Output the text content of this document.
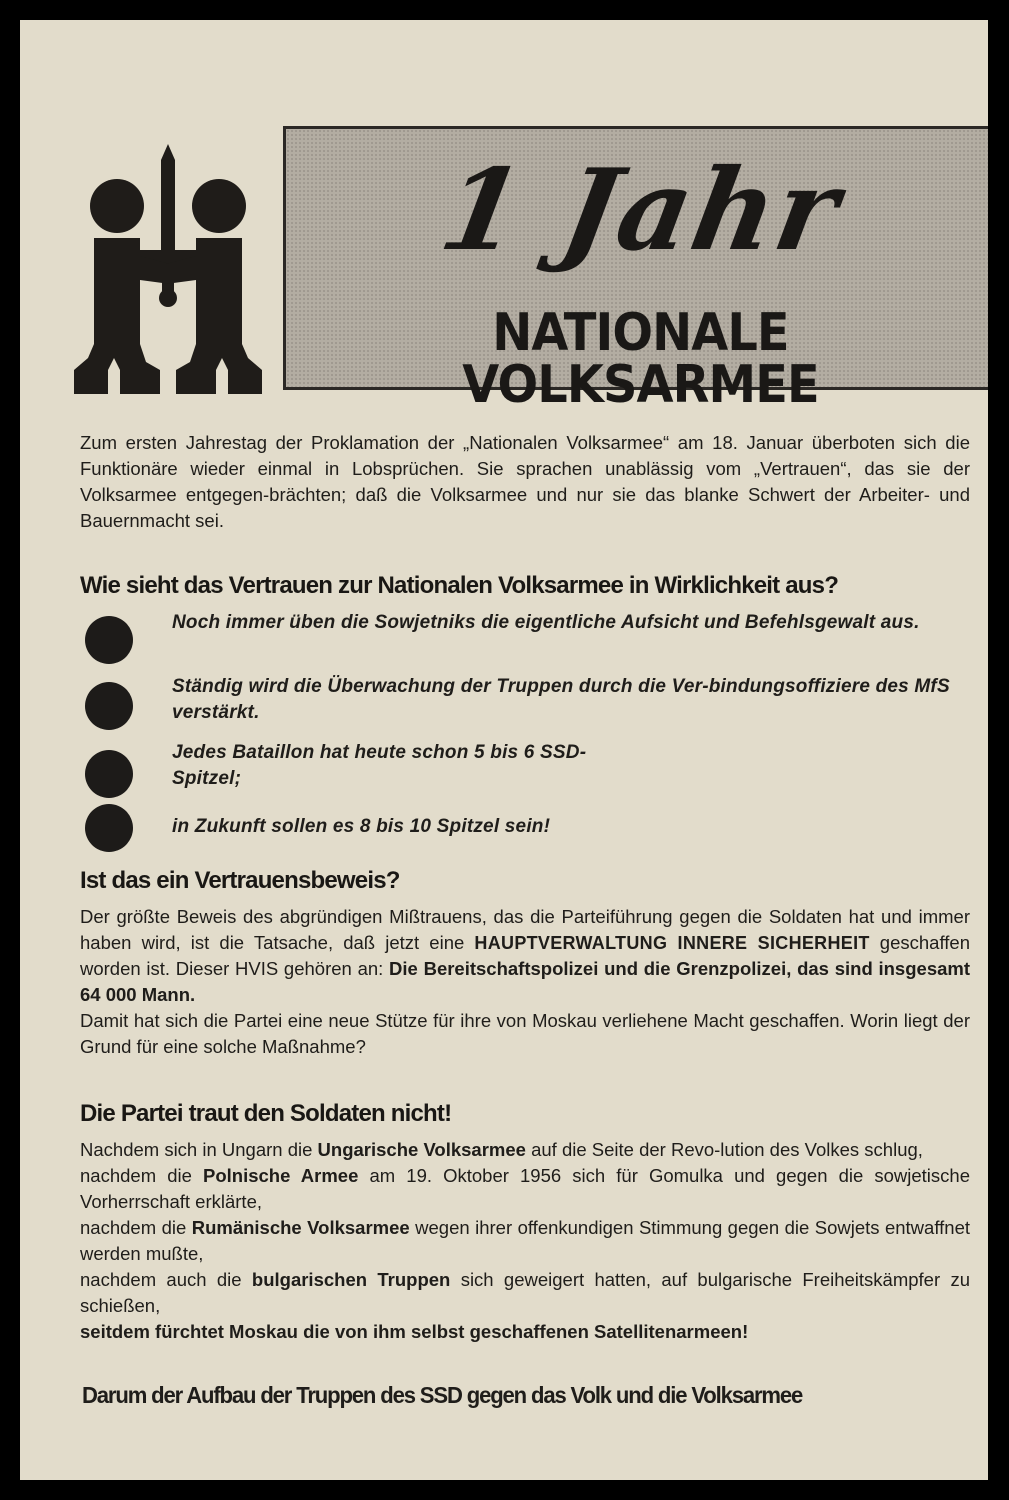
1 Jahr
NATIONALE VOLKSARMEE

Zum ersten Jahrestag der Proklamation der „Nationalen Volksarmee“ am 18. Januar überboten sich die Funktionäre wieder einmal in Lobsprüchen. Sie sprachen unablässig vom „Vertrauen“, das sie der Volksarmee entgegen-brächten; daß die Volksarmee und nur sie das blanke Schwert der Arbeiter- und Bauernmacht sei.

Wie sieht das Vertrauen zur Nationalen Volksarmee in Wirklichkeit aus?
Noch immer üben die Sowjetniks die eigentliche Aufsicht und Befehlsgewalt aus.
Ständig wird die Überwachung der Truppen durch die Ver-bindungsoffiziere des MfS verstärkt.
Jedes Bataillon hat heute schon 5 bis 6 SSD-Spitzel;
in Zukunft sollen es 8 bis 10 Spitzel sein!
Ist das ein Vertrauensbeweis?

Der größte Beweis des abgründigen Mißtrauens, das die Parteiführung gegen die Soldaten hat und immer haben wird, ist die Tatsache, daß jetzt eine HAUPTVERWALTUNG INNERE SICHERHEIT geschaffen worden ist. Dieser HVIS gehören an: Die Bereitschaftspolizei und die Grenzpolizei, das sind insgesamt 64 000 Mann.

Damit hat sich die Partei eine neue Stütze für ihre von Moskau verliehene Macht geschaffen. Worin liegt der Grund für eine solche Maßnahme?

Die Partei traut den Soldaten nicht!

Nachdem sich in Ungarn die Ungarische Volksarmee auf die Seite der Revo-lution des Volkes schlug,

nachdem die Polnische Armee am 19. Oktober 1956 sich für Gomulka und gegen die sowjetische Vorherrschaft erklärte,

nachdem die Rumänische Volksarmee wegen ihrer offenkundigen Stimmung gegen die Sowjets entwaffnet werden mußte,

nachdem auch die bulgarischen Truppen sich geweigert hatten, auf bulgarische Freiheitskämpfer zu schießen,

seitdem fürchtet Moskau die von ihm selbst geschaffenen Satellitenarmeen!

Darum der Aufbau der Truppen des SSD gegen das Volk und die Volksarmee
